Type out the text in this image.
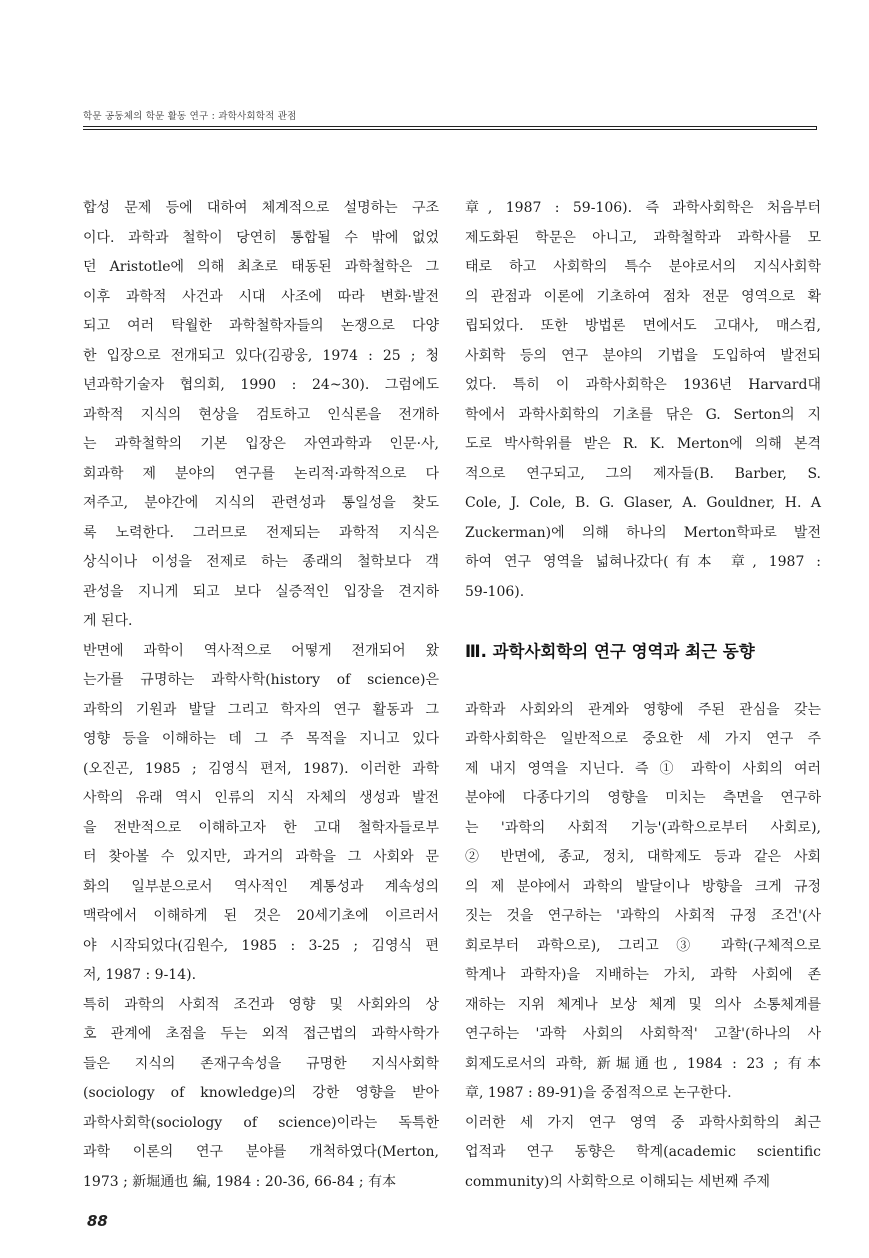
학문 공동체의 학문 활동 연구 : 과학사회학적 관점
합성 문제 등에 대하여 체계적으로 설명하는 구조
이다. 과학과 철학이 당연히 통합될 수 밖에 없었
던 Aristotle에 의해 최초로 태동된 과학철학은 그
이후 과학적 사건과 시대 사조에 따라 변화·발전
되고 여러 탁월한 과학철학자들의 논쟁으로 다양
한 입장으로 전개되고 있다(김광웅, 1974 : 25 ; 청
년과학기술자 협의회, 1990 : 24~30). 그럼에도
과학적 지식의 현상을 검토하고 인식론을 전개하
는 과학철학의 기본 입장은 자연과학과 인문·사,
회과학 제 분야의 연구를 논리적·과학적으로 다
져주고, 분야간에 지식의 관련성과 통일성을 찾도
록 노력한다. 그러므로 전제되는 과학적 지식은
상식이나 이성을 전제로 하는 종래의 철학보다 객
관성을 지니게 되고 보다 실증적인 입장을 견지하
게 된다.
반면에 과학이 역사적으로 어떻게 전개되어 왔
는가를 규명하는 과학사학(history of science)은
과학의 기원과 발달 그리고 학자의 연구 활동과 그
영향 등을 이해하는 데 그 주 목적을 지니고 있다
(오진곤, 1985 ; 김영식 편저, 1987). 이러한 과학
사학의 유래 역시 인류의 지식 자체의 생성과 발전
을 전반적으로 이해하고자 한 고대 철학자들로부
터 찾아볼 수 있지만, 과거의 과학을 그 사회와 문
화의 일부분으로서 역사적인 계통성과 계속성의
맥락에서 이해하게 된 것은 20세기초에 이르러서
야 시작되었다(김원수, 1985 : 3-25 ; 김영식 편
저, 1987 : 9-14).
특히 과학의 사회적 조건과 영향 및 사회와의 상
호 관계에 초점을 두는 외적 접근법의 과학사학가
들은 지식의 존재구속성을 규명한 지식사회학
(sociology of knowledge)의 강한 영향을 받아
과학사회학(sociology of science)이라는 독특한
과학 이론의 연구 분야를 개척하였다(Merton,
1973 ; 新堀通也 編, 1984 : 20-36, 66-84 ; 有本
章, 1987 : 59-106). 즉 과학사회학은 처음부터
제도화된 학문은 아니고, 과학철학과 과학사를 모
태로 하고 사회학의 특수 분야로서의 지식사회학
의 관점과 이론에 기초하여 점차 전문 영역으로 확
립되었다. 또한 방법론 면에서도 고대사, 매스컴,
사회학 등의 연구 분야의 기법을 도입하여 발전되
었다. 특히 이 과학사회학은 1936년 Harvard대
학에서 과학사회학의 기초를 닦은 G. Serton의 지
도로 박사학위를 받은 R. K. Merton에 의해 본격
적으로 연구되고, 그의 제자들(B. Barber, S.
Cole, J. Cole, B. G. Glaser, A. Gouldner, H. A
Zuckerman)에 의해 하나의 Merton학파로 발전
하여 연구 영역을 넓혀나갔다(有本 章, 1987 :
59-106).
Ⅲ. 과학사회학의 연구 영역과 최근 동향
과학과 사회와의 관계와 영향에 주된 관심을 갖는
과학사회학은 일반적으로 중요한 세 가지 연구 주
제 내지 영역을 지닌다. 즉 ① 과학이 사회의 여러
분야에 다종다기의 영향을 미치는 측면을 연구하
는 '과학의 사회적 기능'(과학으로부터 사회로),
② 반면에, 종교, 정치, 대학제도 등과 같은 사회
의 제 분야에서 과학의 발달이나 방향을 크게 규정
짓는 것을 연구하는 '과학의 사회적 규정 조건'(사
회로부터 과학으로), 그리고 ③ 과학(구체적으로
학계나 과학자)을 지배하는 가치, 과학 사회에 존
재하는 지위 체계나 보상 체계 및 의사 소통체계를
연구하는 '과학 사회의 사회학적' 고찰'(하나의 사
회제도로서의 과학, 新堀通也, 1984 : 23 ; 有本
章, 1987 : 89-91)을 중점적으로 논구한다.
이러한 세 가지 연구 영역 중 과학사회학의 최근
업적과 연구 동향은 학계(academic scientific
community)의 사회학으로 이해되는 세번째 주제
88
